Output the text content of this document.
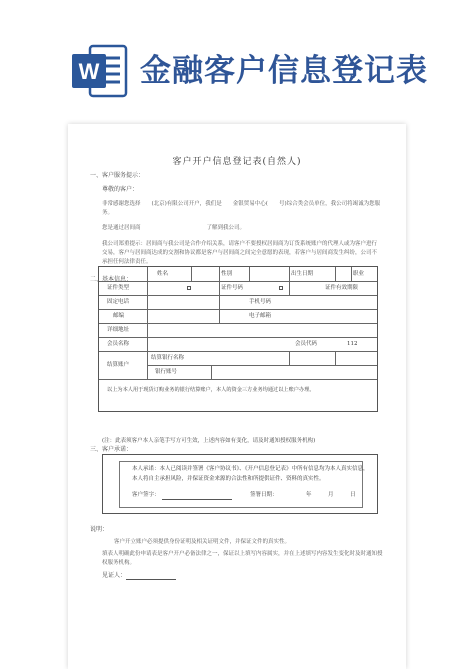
W 金融客户信息登记表
客户开户信息登记表(自然人)
一、客户服务提示：
尊敬的客户：
非常感谢您选择　　(北京)有限公司开户，我们是　　金银贸易中心(　　号)综合类会员单位，我公司将竭诚为您服务。
您是通过居间商　　　　　　　　　　　　了解到我公司。
我公司郑重提示：居间商与我公司是合作介绍关系，请客户不要授权居间商为订货系统账户的代理人或为客户进行交易，客户与居间商达成的交割和协议都是客户与居间商之间完全意愿的表现，若客户与居间商发生纠纷，公司不承担任何法律责任。
二、基本信息：
姓名	性别	出生日期	职业
证件类型	证件号码	证件有效期限
固定电话	手机号码
邮编	电子邮箱
详细地址
会员名称	会员代码	112
结算账户
结算银行名称
银行账号
以上为本人用于现货订购业务的银行结算账户，本人的资金三方业务均通过以上账户办理。
(注：此表须客户本人亲笔手写方可生效，上述内容如有变化，请及时通知授权服务机构)
三、客户承诺：
本人承诺：本人已阅读并签署《客户协议书》、《开户信息登记表》中所有信息均为本人真实信息，
本人将自主承担风险，并保证资金来源的合法性和所提供证件、资料的真实性。
客户签字：	签署日期：	年	月	日
说明：
客户开立账户必须提供身份证明及相关证明文件，并保证文件的真实性。
填表人明确此份申请表是客户开户必备法律之一，保证以上填写内容属实，并在上述填写内容发生变化时及时通知授权服务机构。
见证人：
